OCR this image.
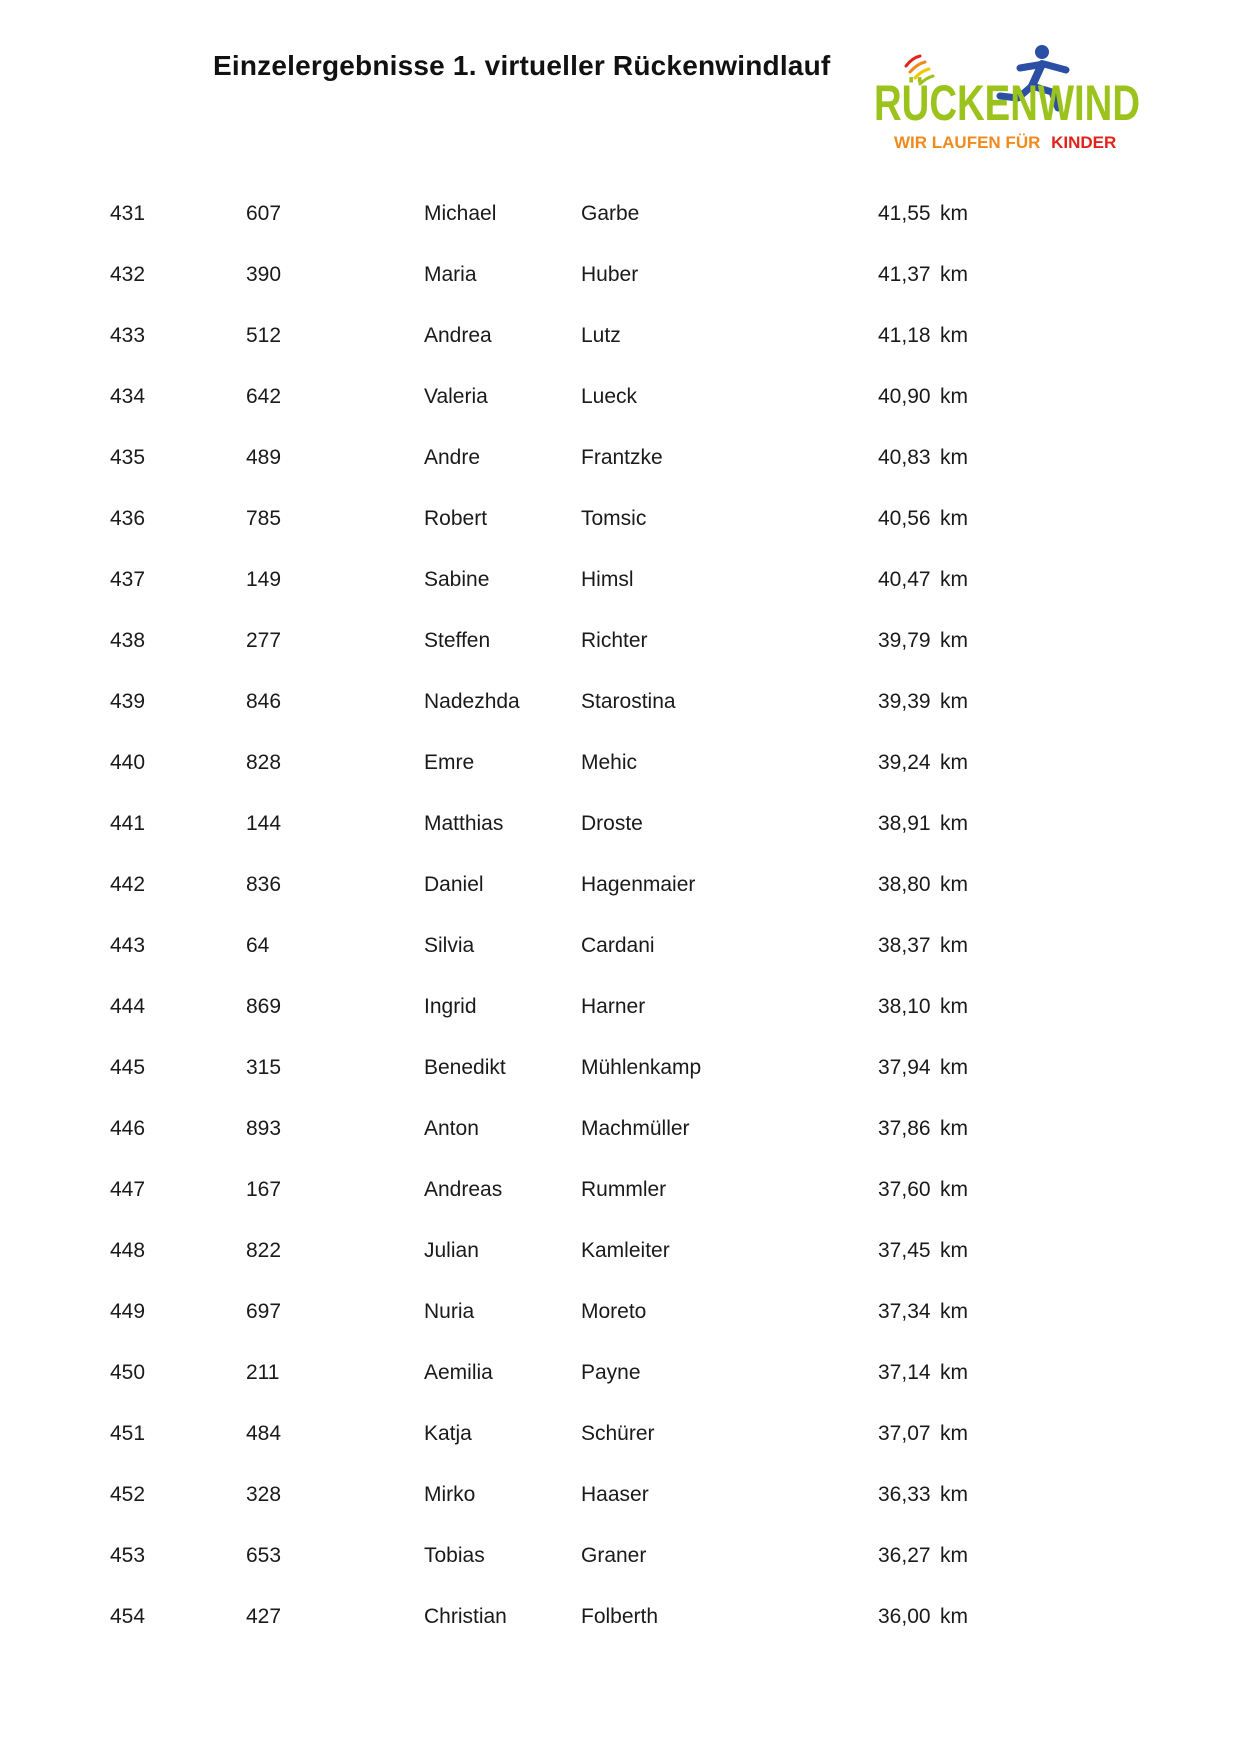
Einzelergebnisse 1. virtueller Rückenwindlauf
RÜCKENWIND
WIR LAUFEN FÜR KINDER
431	607	Michael	Garbe	41,55 km
432	390	Maria	Huber	41,37 km
433	512	Andrea	Lutz	41,18 km
434	642	Valeria	Lueck	40,90 km
435	489	Andre	Frantzke	40,83 km
436	785	Robert	Tomsic	40,56 km
437	149	Sabine	Himsl	40,47 km
438	277	Steffen	Richter	39,79 km
439	846	Nadezhda	Starostina	39,39 km
440	828	Emre	Mehic	39,24 km
441	144	Matthias	Droste	38,91 km
442	836	Daniel	Hagenmaier	38,80 km
443	64	Silvia	Cardani	38,37 km
444	869	Ingrid	Harner	38,10 km
445	315	Benedikt	Mühlenkamp	37,94 km
446	893	Anton	Machmüller	37,86 km
447	167	Andreas	Rummler	37,60 km
448	822	Julian	Kamleiter	37,45 km
449	697	Nuria	Moreto	37,34 km
450	211	Aemilia	Payne	37,14 km
451	484	Katja	Schürer	37,07 km
452	328	Mirko	Haaser	36,33 km
453	653	Tobias	Graner	36,27 km
454	427	Christian	Folberth	36,00 km
